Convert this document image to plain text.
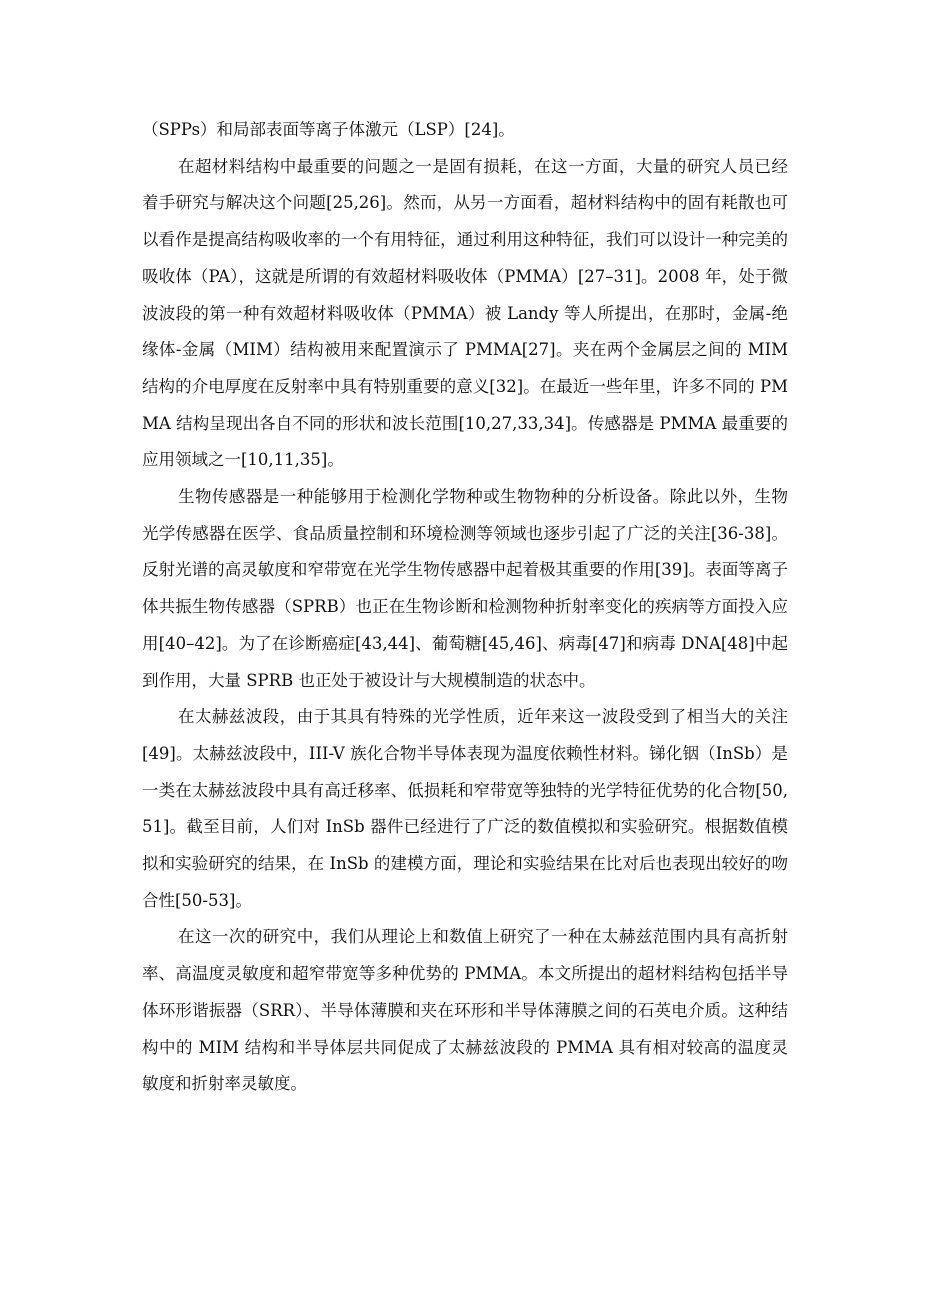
（SPPs）和局部表面等离子体激元（LSP）[24]。

在超材料结构中最重要的问题之一是固有损耗，在这一方面，大量的研究人员已经着手研究与解决这个问题[25,26]。然而，从另一方面看，超材料结构中的固有耗散也可以看作是提高结构吸收率的一个有用特征，通过利用这种特征，我们可以设计一种完美的吸收体（PA），这就是所谓的有效超材料吸收体（PMMA）[27–31]。2008 年，处于微波波段的第一种有效超材料吸收体（PMMA）被 Landy 等人所提出，在那时，金属-绝缘体-金属（MIM）结构被用来配置演示了 PMMA[27]。夹在两个金属层之间的 MIM 结构的介电厚度在反射率中具有特别重要的意义[32]。在最近一些年里，许多不同的 PMMA 结构呈现出各自不同的形状和波长范围[10,27,33,34]。传感器是 PMMA 最重要的应用领域之一[10,11,35]。

生物传感器是一种能够用于检测化学物种或生物物种的分析设备。除此以外，生物光学传感器在医学、食品质量控制和环境检测等领域也逐步引起了广泛的关注[36-38]。反射光谱的高灵敏度和窄带宽在光学生物传感器中起着极其重要的作用[39]。表面等离子体共振生物传感器（SPRB）也正在生物诊断和检测物种折射率变化的疾病等方面投入应用[40–42]。为了在诊断癌症[43,44]、葡萄糖[45,46]、病毒[47]和病毒 DNA[48]中起到作用，大量 SPRB 也正处于被设计与大规模制造的状态中。

在太赫兹波段，由于其具有特殊的光学性质，近年来这一波段受到了相当大的关注[49]。太赫兹波段中，III-V 族化合物半导体表现为温度依赖性材料。锑化铟（InSb）是一类在太赫兹波段中具有高迁移率、低损耗和窄带宽等独特的光学特征优势的化合物[50,51]。截至目前，人们对 InSb 器件已经进行了广泛的数值模拟和实验研究。根据数值模拟和实验研究的结果，在 InSb 的建模方面，理论和实验结果在比对后也表现出较好的吻合性[50-53]。

在这一次的研究中，我们从理论上和数值上研究了一种在太赫兹范围内具有高折射率、高温度灵敏度和超窄带宽等多种优势的 PMMA。本文所提出的超材料结构包括半导体环形谐振器（SRR）、半导体薄膜和夹在环形和半导体薄膜之间的石英电介质。这种结构中的 MIM 结构和半导体层共同促成了太赫兹波段的 PMMA 具有相对较高的温度灵敏度和折射率灵敏度。
